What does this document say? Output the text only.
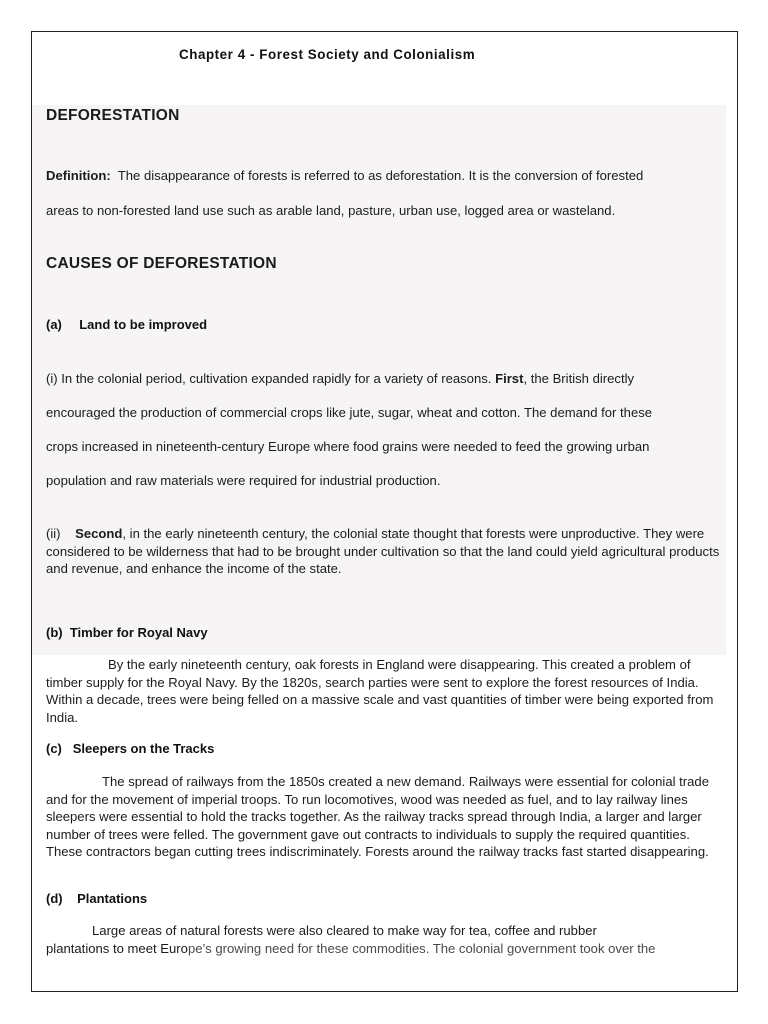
Chapter 4 - Forest Society and Colonialism
DEFORESTATION
Definition: The disappearance of forests is referred to as deforestation. It is the conversion of forested
areas to non-forested land use such as arable land, pasture, urban use, logged area or wasteland.
CAUSES OF DEFORESTATION
(a) Land to be improved
(i) In the colonial period, cultivation expanded rapidly for a variety of reasons. First, the British directly
encouraged the production of commercial crops like jute, sugar, wheat and cotton. The demand for these
crops increased in nineteenth-century Europe where food grains were needed to feed the growing urban
population and raw materials were required for industrial production.
(ii) Second, in the early nineteenth century, the colonial state thought that forests were unproductive. They were considered to be wilderness that had to be brought under cultivation so that the land could yield agricultural products and revenue, and enhance the income of the state.
(b) Timber for Royal Navy
By the early nineteenth century, oak forests in England were disappearing. This created a problem of timber supply for the Royal Navy. By the 1820s, search parties were sent to explore the forest resources of India. Within a decade, trees were being felled on a massive scale and vast quantities of timber were being exported from India.
(c) Sleepers on the Tracks
The spread of railways from the 1850s created a new demand. Railways were essential for colonial trade and for the movement of imperial troops. To run locomotives, wood was needed as fuel, and to lay railway lines sleepers were essential to hold the tracks together. As the railway tracks spread through India, a larger and larger number of trees were felled. The government gave out contracts to individuals to supply the required quantities. These contractors began cutting trees indiscriminately. Forests around the railway tracks fast started disappearing.
(d) Plantations
Large areas of natural forests were also cleared to make way for tea, coffee and rubber
plantations to meet Europe’s growing need for these commodities. The colonial government took over the
